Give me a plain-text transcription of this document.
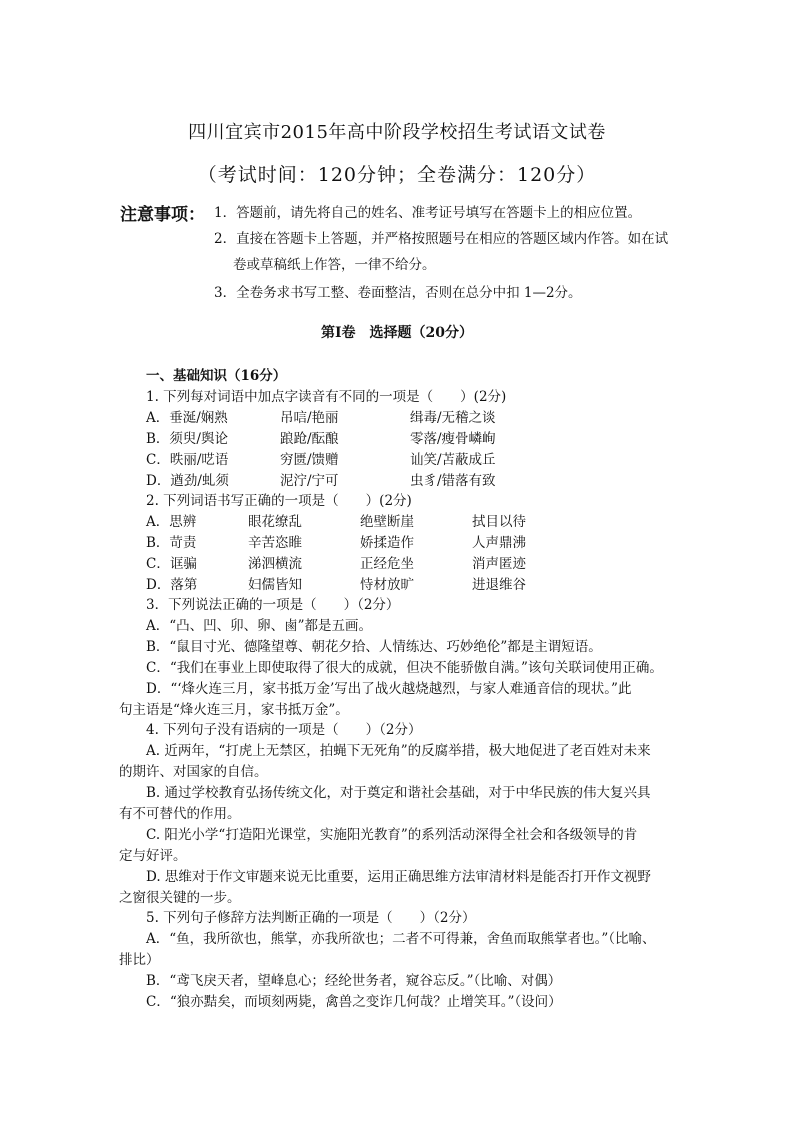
四川宜宾市2015年高中阶段学校招生考试语文试卷
（考试时间：120分钟；全卷满分：120分）
注意事项： 1．答题前，请先将自己的姓名、准考证号填写在答题卡上的相应位置。
2．直接在答题卡上答题，并严格按照题号在相应的答题区域内作答。如在试
卷或草稿纸上作答，一律不给分。
3．全卷务求书写工整、卷面整洁，否则在总分中扣 1—2分。
第Ⅰ卷　选择题（20分）
一、基础知识（16分）
1. 下列每对词语中加点字读音有不同的一项是（　　）(2分)
A．垂涎/娴熟	吊唁/艳丽	缉毒/无稽之谈
B．须臾/舆论	踉跄/酝酿	零落/瘦骨嶙峋
C．昳丽/呓语	穷匮/馈赠	讪笑/苫蔽成丘
D．遒劲/虬须	泥泞/宁可	虫豸/错落有致
2. 下列词语书写正确的一项是（　　）(2分)
A．思辨	眼花缭乱	绝壁断崖	拭目以待
B．苛责	辛苦恣睢	娇揉造作	人声鼎沸
C．诓骗	涕泗横流	正经危坐	消声匿迹
D．落第	妇儒皆知	恃材放旷	进退维谷
3．下列说法正确的一项是（　　）（2分）
A．“凸、凹、卯、卵、鹵”都是五画。
B．“鼠目寸光、德隆望尊、朝花夕拾、人情练达、巧妙绝伦”都是主谓短语。
C．“我们在事业上即使取得了很大的成就，但决不能骄傲自满。”该句关联词使用正确。
D．“‘烽火连三月，家书抵万金’写出了战火越烧越烈，与家人难通音信的现状。”此
句主语是“烽火连三月，家书抵万金”。
4. 下列句子没有语病的一项是（　　）（2分）
A. 近两年，“打虎上无禁区，拍蝇下无死角”的反腐举措，极大地促进了老百姓对未来
的期许、对国家的自信。
B. 通过学校教育弘扬传统文化，对于奠定和谐社会基础，对于中华民族的伟大复兴具
有不可替代的作用。
C. 阳光小学“打造阳光课堂，实施阳光教育”的系列活动深得全社会和各级领导的肯
定与好评。
D. 思维对于作文审题来说无比重要，运用正确思维方法审清材料是能否打开作文视野
之窗很关键的一步。
5. 下列句子修辞方法判断正确的一项是（　　）（2分）
A．“鱼，我所欲也，熊掌，亦我所欲也；二者不可得兼，舍鱼而取熊掌者也。”（比喻、
排比）
B．“鸢飞戾天者，望峰息心；经纶世务者，窥谷忘反。”（比喻、对偶）
C．“狼亦黠矣，而顷刻两毙，禽兽之变诈几何哉？止增笑耳。”（设问）
